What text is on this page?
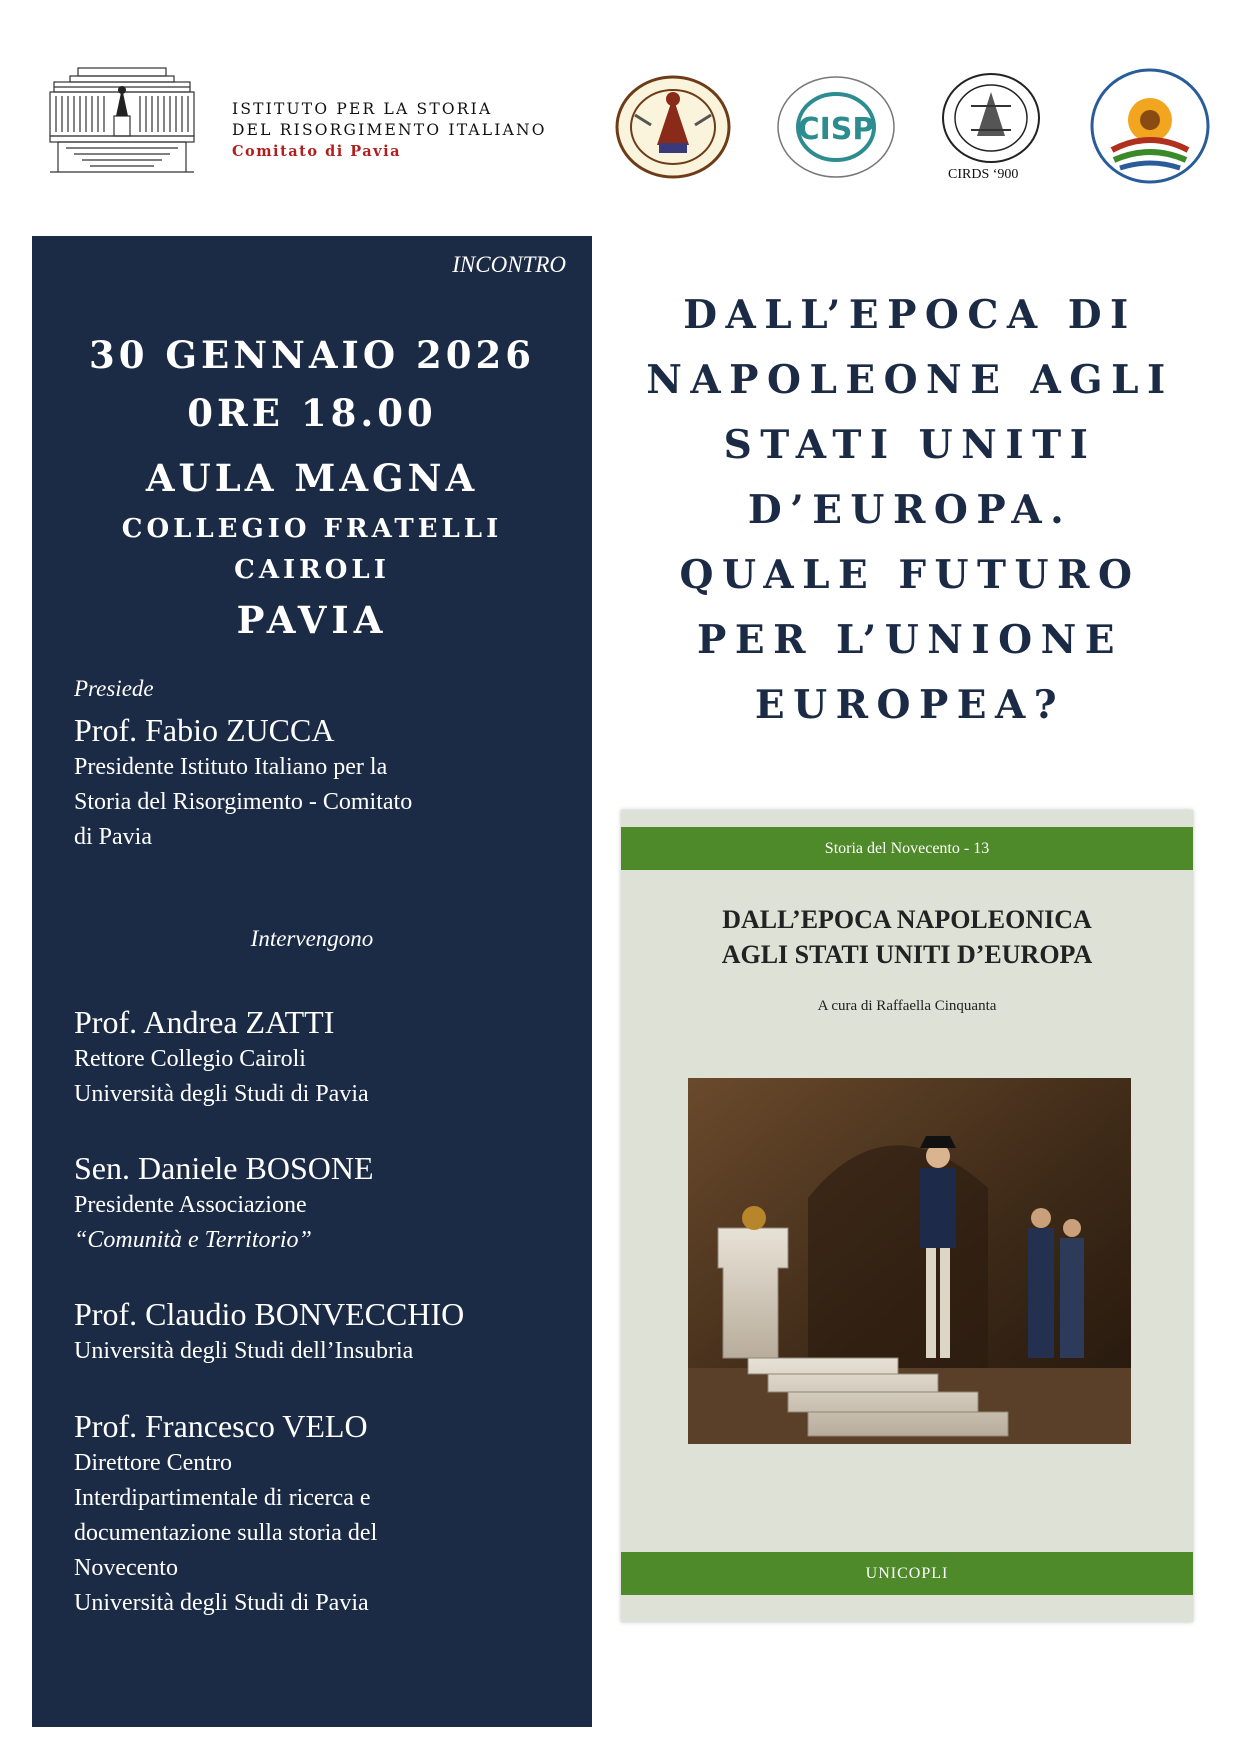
ISTITUTO PER LA STORIA
DEL RISORGIMENTO ITALIANO
Comitato di Pavia
CISP
CIRDS ‘900
INCONTRO
30 GENNAIO 2026
0RE 18.00
AULA MAGNA
COLLEGIO FRATELLI
CAIROLI
PAVIA
Presiede
Prof. Fabio ZUCCA
Presidente Istituto Italiano per la
Storia del Risorgimento - Comitato
di Pavia
Intervengono
Prof. Andrea ZATTI
Rettore Collegio Cairoli
Università degli Studi di Pavia
Sen. Daniele BOSONE
Presidente Associazione
“Comunità e Territorio”
Prof. Claudio BONVECCHIO
Università degli Studi dell’Insubria
Prof. Francesco VELO
Direttore Centro
Interdipartimentale di ricerca e
documentazione sulla storia del
Novecento
Università degli Studi di Pavia
DALL’EPOCA DI
NAPOLEONE AGLI
STATI UNITI
D’EUROPA.
QUALE FUTURO
PER L’UNIONE
EUROPEA?
Storia del Novecento - 13
DALL’EPOCA NAPOLEONICA
AGLI STATI UNITI D’EUROPA
A cura di Raffaella Cinquanta
UNICOPLI
